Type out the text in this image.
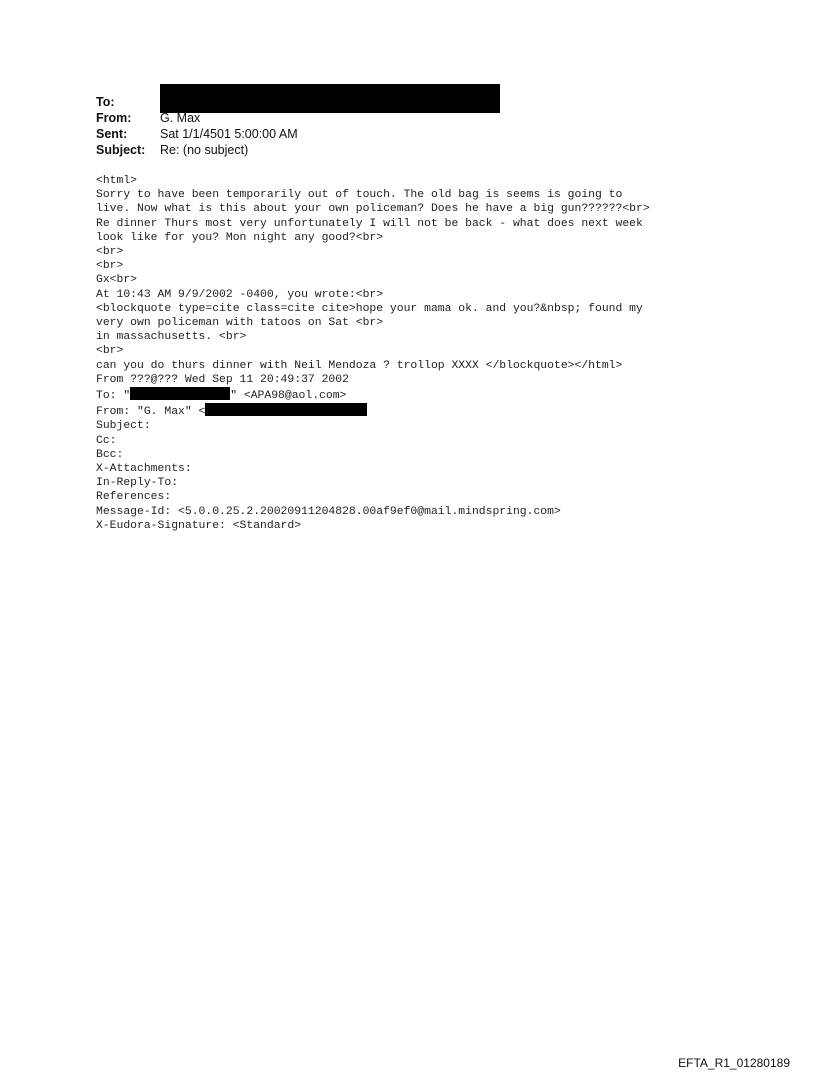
To:
From:	G. Max
Sent:	Sat 1/1/4501 5:00:00 AM
Subject:	Re: (no subject)
<html>
Sorry to have been temporarily out of touch. The old bag is seems is going to
live. Now what is this about your own policeman? Does he have a big gun??????<br>
Re dinner Thurs most very unfortunately I will not be back - what does next week
look like for you? Mon night any good?<br>
<br>
<br>
Gx<br>
At 10:43 AM 9/9/2002 -0400, you wrote:<br>
<blockquote type=cite class=cite cite>hope your mama ok. and you?&nbsp; found my
very own policeman with tatoos on Sat <br>
in massachusetts. <br>
<br>
can you do thurs dinner with Neil Mendoza ? trollop XXXX </blockquote></html>
From ???@??? Wed Sep 11 20:49:37 2002
To: "	" <APA98@aol.com>
From: "G. Max" <
Subject:
Cc:
Bcc:
X-Attachments:
In-Reply-To:
References:
Message-Id: <5.0.0.25.2.20020911204828.00af9ef0@mail.mindspring.com>
X-Eudora-Signature: <Standard>
EFTA_R1_01280189
